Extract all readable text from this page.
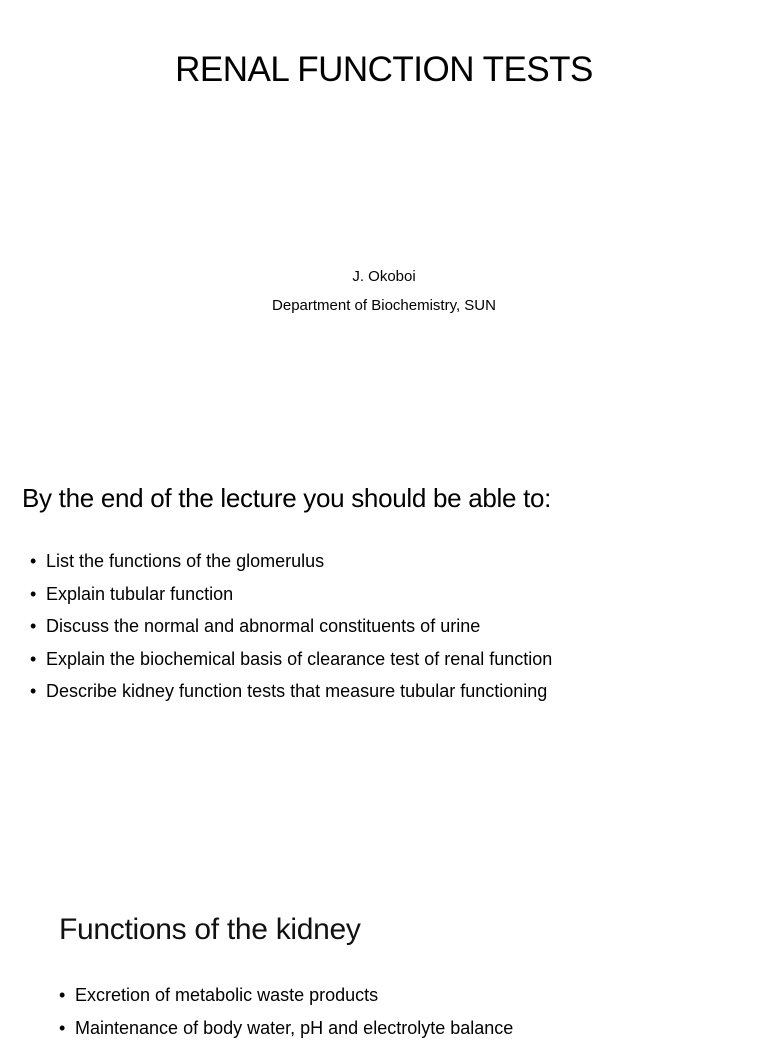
RENAL FUNCTION TESTS
J. Okoboi
Department of Biochemistry, SUN
By the end of the lecture you should be able to:
• List the functions of the glomerulus
• Explain tubular function
• Discuss the normal and abnormal constituents of urine
• Explain the biochemical basis of clearance test of renal function
• Describe kidney function tests that measure tubular functioning
Functions of the kidney
• Excretion of metabolic waste products
• Maintenance of body water, pH and electrolyte balance
